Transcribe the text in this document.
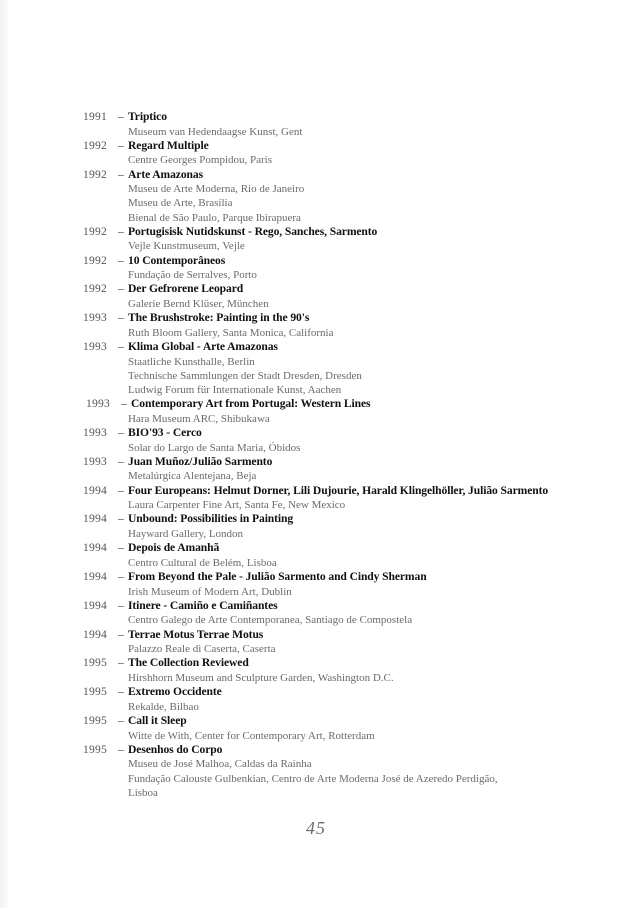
1991 – Triptico
Museum van Hedendaagse Kunst, Gent
1992 – Regard Multiple
Centre Georges Pompidou, Paris
1992 – Arte Amazonas
Museu de Arte Moderna, Rio de Janeiro
Museu de Arte, Brasília
Bienal de São Paulo, Parque Ibirapuera
1992 – Portugisisk Nutidskunst - Rego, Sanches, Sarmento
Vejle Kunstmuseum, Vejle
1992 – 10 Contemporâneos
Fundação de Serralves, Porto
1992 – Der Gefrorene Leopard
Galerie Bernd Klüser, München
1993 – The Brushstroke: Painting in the 90's
Ruth Bloom Gallery, Santa Monica, California
1993 – Klima Global - Arte Amazonas
Staatliche Kunsthalle, Berlin
Technische Sammlungen der Stadt Dresden, Dresden
Ludwig Forum für Internationale Kunst, Aachen
1993 – Contemporary Art from Portugal: Western Lines
Hara Museum ARC, Shibukawa
1993 – BIO'93 - Cerco
Solar do Largo de Santa Maria, Óbidos
1993 – Juan Muñoz/Julião Sarmento
Metalúrgica Alentejana, Beja
1994 – Four Europeans: Helmut Dorner, Lili Dujourie, Harald Klingelhöller, Julião Sarmento
Laura Carpenter Fine Art, Santa Fe, New Mexico
1994 – Unbound: Possibilities in Painting
Hayward Gallery, London
1994 – Depois de Amanhã
Centro Cultural de Belém, Lisboa
1994 – From Beyond the Pale - Julião Sarmento and Cindy Sherman
Irish Museum of Modern Art, Dublin
1994 – Itinere - Camiño e Camiñantes
Centro Galego de Arte Contemporanea, Santiago de Compostela
1994 – Terrae Motus Terrae Motus
Palazzo Reale di Caserta, Caserta
1995 – The Collection Reviewed
Hirshhorn Museum and Sculpture Garden, Washington D.C.
1995 – Extremo Occidente
Rekalde, Bilbao
1995 – Call it Sleep
Witte de With, Center for Contemporary Art, Rotterdam
1995 – Desenhos do Corpo
Museu de José Malhoa, Caldas da Rainha
Fundação Calouste Gulbenkian, Centro de Arte Moderna José de Azeredo Perdigão,
Lisboa
45
